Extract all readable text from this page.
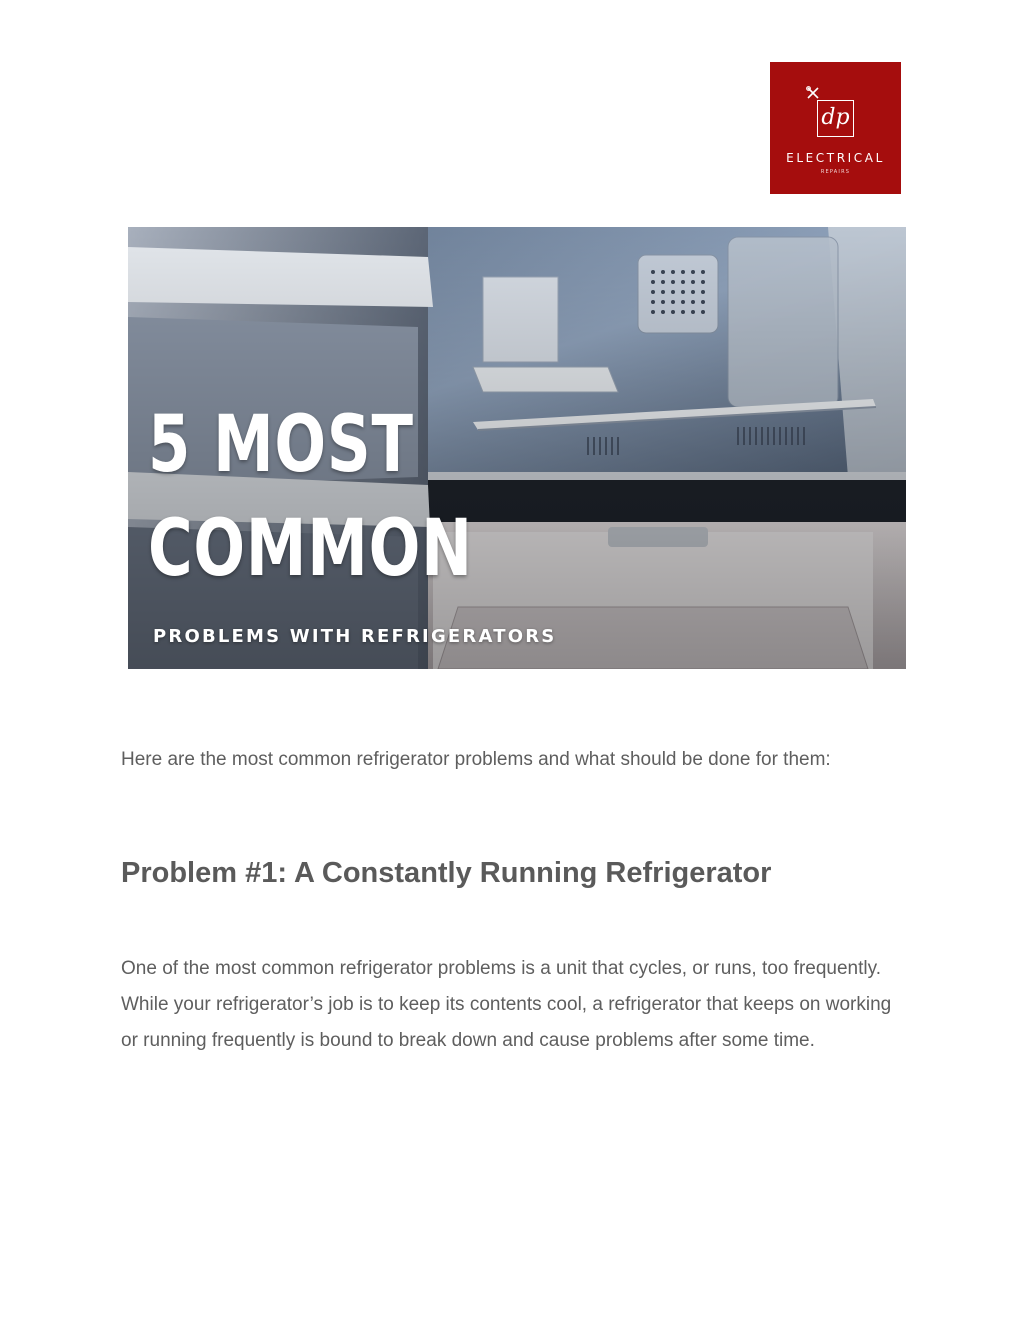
dp
ELECTRICAL
REPAIRS
5 MOST
COMMON
PROBLEMS WITH REFRIGERATORS

Here are the most common refrigerator problems and what should be done for them:

Problem #1: A Constantly Running Refrigerator

One of the most common refrigerator problems is a unit that cycles, or runs, too frequently. While your refrigerator’s job is to keep its contents cool, a refrigerator that keeps on working or running frequently is bound to break down and cause problems after some time.
